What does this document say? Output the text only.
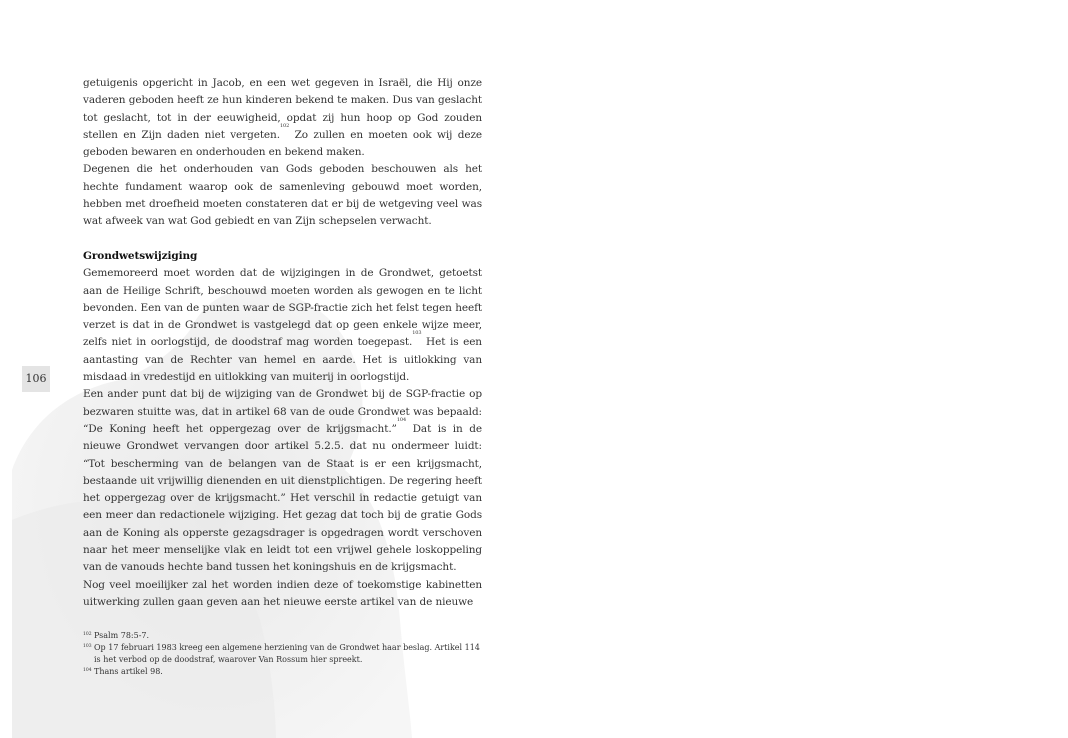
106

getuigenis opgericht in Jacob, en een wet gegeven in Israël, die Hij onze vaderen geboden heeft ze hun kinderen bekend te maken. Dus van geslacht tot geslacht, tot in der eeuwigheid, opdat zij hun hoop op God zouden stellen en Zijn daden niet vergeten.$^{102}$ Zo zullen en moeten ook wij deze geboden bewaren en onderhouden en bekend maken.

Degenen die het onderhouden van Gods geboden beschouwen als het hechte fundament waarop ook de samenleving gebouwd moet worden, hebben met droefheid moeten constateren dat er bij de wetgeving veel was wat afweek van wat God gebiedt en van Zijn schepselen verwacht.

Grondwetswijziging

Gememoreerd moet worden dat de wijzigingen in de Grondwet, getoetst aan de Heilige Schrift, beschouwd moeten worden als gewogen en te licht bevonden. Een van de punten waar de SGP-fractie zich het felst tegen heeft verzet is dat in de Grondwet is vastgelegd dat op geen enkele wijze meer, zelfs niet in oorlogstijd, de doodstraf mag worden toegepast.$^{103}$ Het is een aantasting van de Rechter van hemel en aarde. Het is uitlokking van misdaad in vredestijd en uitlokking van muiterij in oorlogstijd.

Een ander punt dat bij de wijziging van de Grondwet bij de SGP-fractie op bezwaren stuitte was, dat in artikel 68 van de oude Grondwet was bepaald: “De Koning heeft het oppergezag over de krijgsmacht.”$^{104}$ Dat is in de nieuwe Grondwet vervangen door artikel 5.2.5. dat nu ondermeer luidt: “Tot bescherming van de belangen van de Staat is er een krijgsmacht, bestaande uit vrijwillig dienenden en uit dienstplichtigen. De regering heeft het oppergezag over de krijgsmacht.” Het verschil in redactie getuigt van een meer dan redactionele wijziging. Het gezag dat toch bij de gratie Gods aan de Koning als opperste gezagsdrager is opgedragen wordt verschoven naar het meer menselijke vlak en leidt tot een vrijwel gehele loskoppeling van de vanouds hechte band tussen het koningshuis en de krijgsmacht.

Nog veel moeilijker zal het worden indien deze of toekomstige kabinetten uitwerking zullen gaan geven aan het nieuwe eerste artikel van de nieuwe

102 Psalm 78:5-7.
103 Op 17 februari 1983 kreeg een algemene herziening van de Grondwet haar beslag. Artikel 114 is het verbod op de doodstraf, waarover Van Rossum hier spreekt.
104 Thans artikel 98.
